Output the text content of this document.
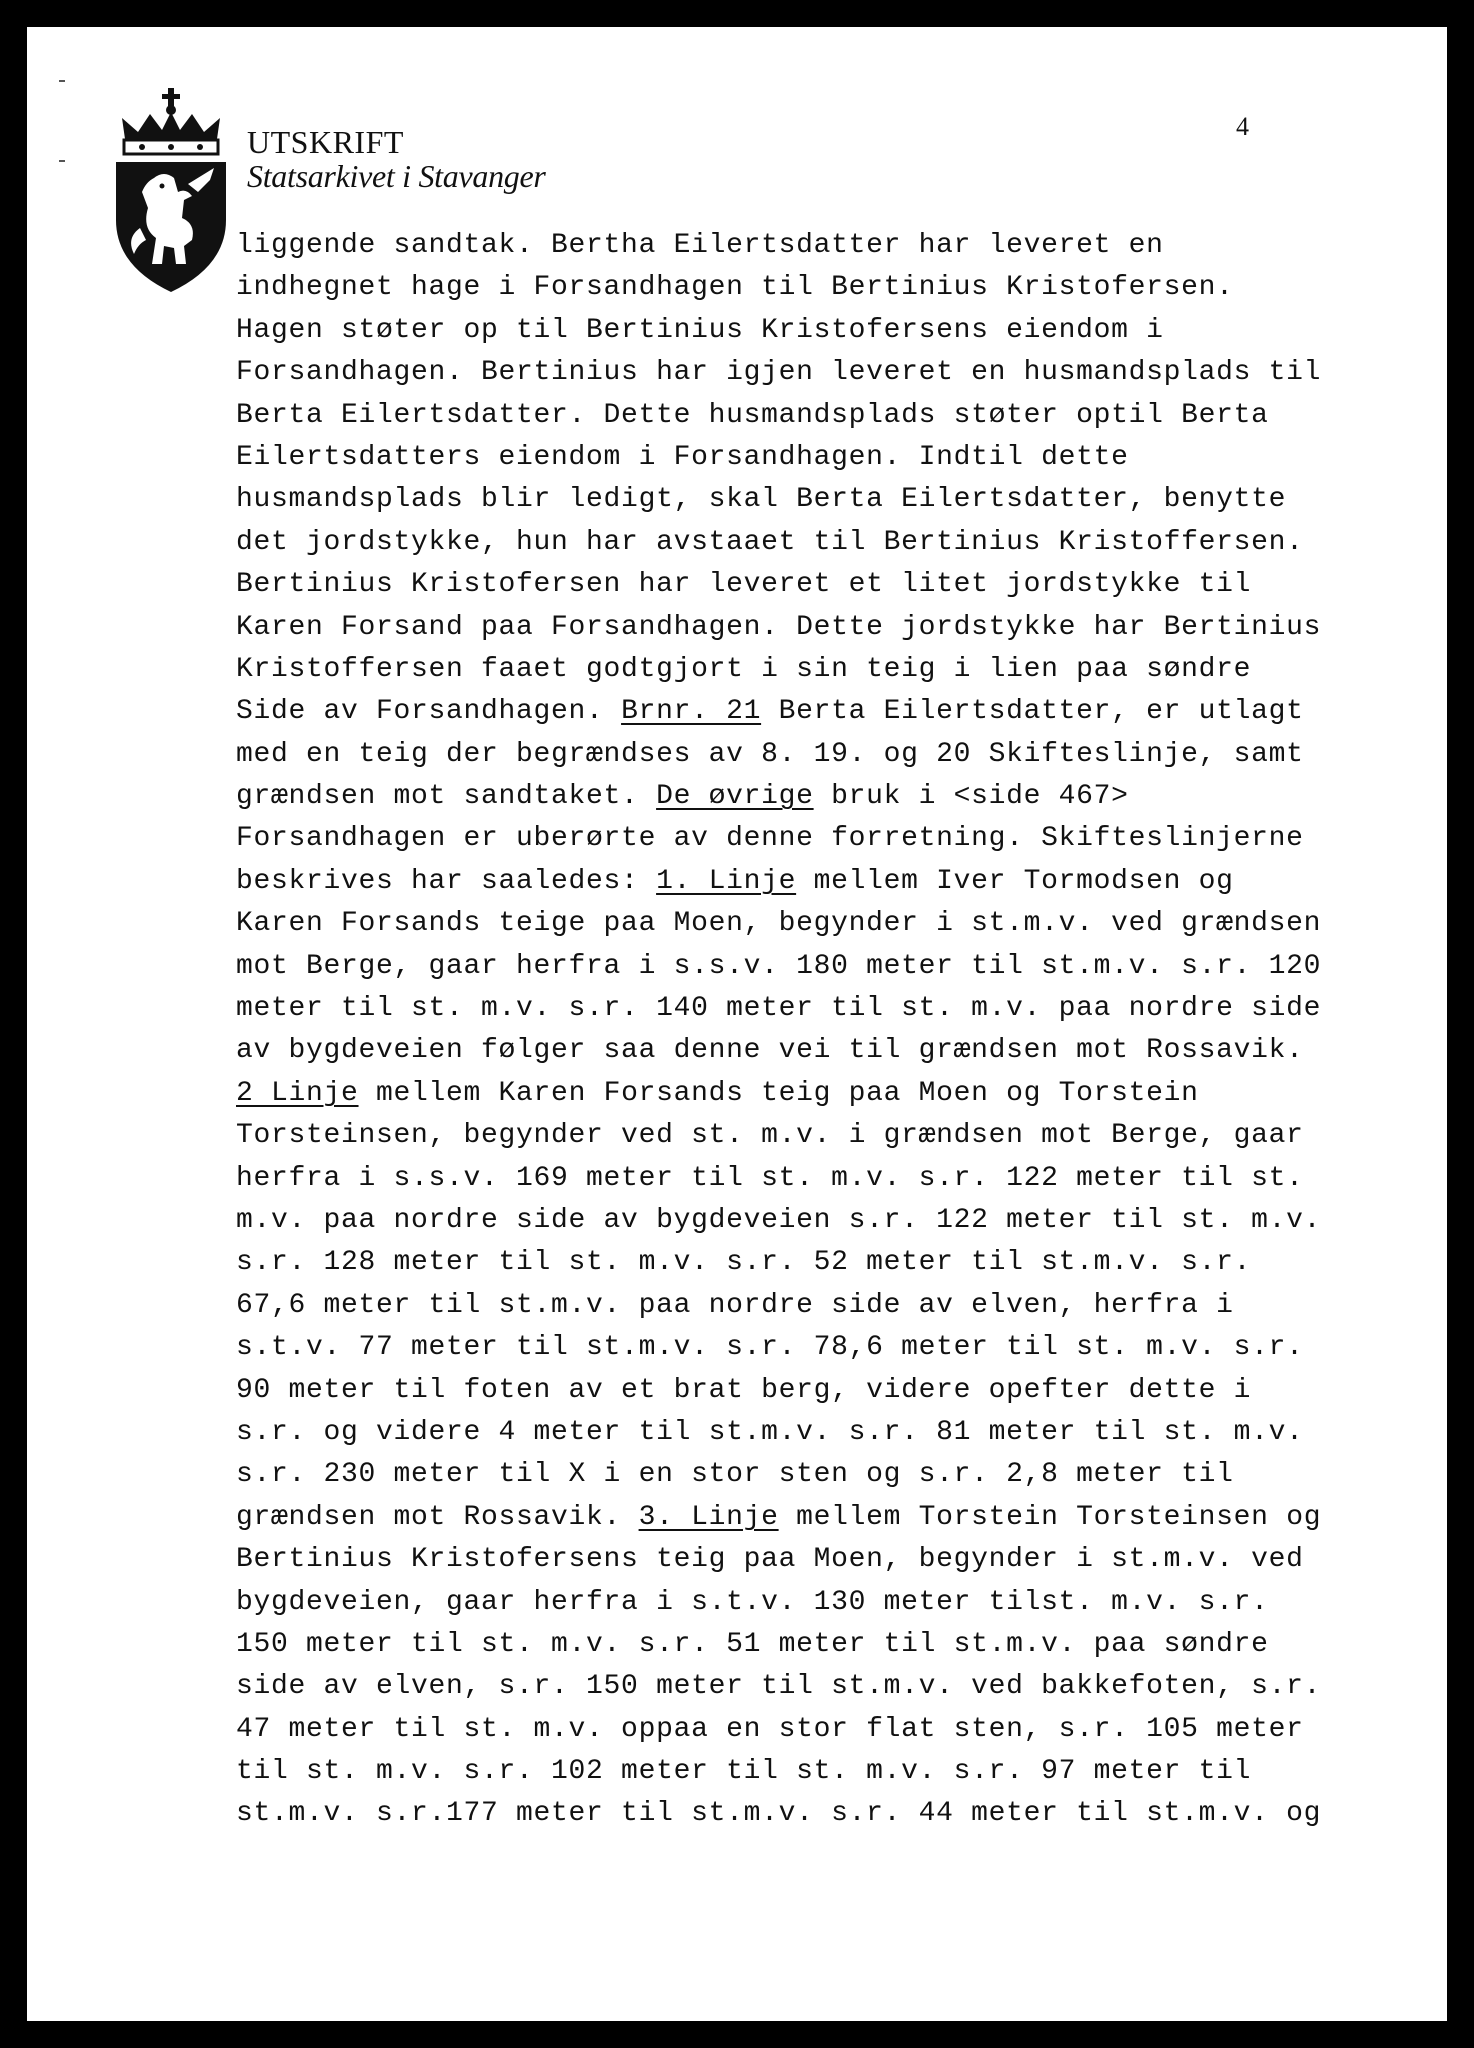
UTSKRIFT
Statsarkivet i Stavanger
4
liggende sandtak. Bertha Eilertsdatter har leveret en
indhegnet hage i Forsandhagen til Bertinius Kristofersen.
Hagen støter op til Bertinius Kristofersens eiendom i
Forsandhagen. Bertinius har igjen leveret en husmandsplads til
Berta Eilertsdatter. Dette husmandsplads støter optil Berta
Eilertsdatters eiendom i Forsandhagen. Indtil dette
husmandsplads blir ledigt, skal Berta Eilertsdatter, benytte
det jordstykke, hun har avstaaet til Bertinius Kristoffersen.
Bertinius Kristofersen har leveret et litet jordstykke til
Karen Forsand paa Forsandhagen. Dette jordstykke har Bertinius
Kristoffersen faaet godtgjort i sin teig i lien paa søndre
Side av Forsandhagen. Brnr. 21 Berta Eilertsdatter, er utlagt
med en teig der begrændses av 8. 19. og 20 Skifteslinje, samt
grændsen mot sandtaket. De øvrige bruk i <side 467>
Forsandhagen er uberørte av denne forretning. Skifteslinjerne
beskrives har saaledes: 1. Linje mellem Iver Tormodsen og
Karen Forsands teige paa Moen, begynder i st.m.v. ved grændsen
mot Berge, gaar herfra i s.s.v. 180 meter til st.m.v. s.r. 120
meter til st. m.v. s.r. 140 meter til st. m.v. paa nordre side
av bygdeveien følger saa denne vei til grændsen mot Rossavik.
2 Linje mellem Karen Forsands teig paa Moen og Torstein
Torsteinsen, begynder ved st. m.v. i grændsen mot Berge, gaar
herfra i s.s.v. 169 meter til st. m.v. s.r. 122 meter til st.
m.v. paa nordre side av bygdeveien s.r. 122 meter til st. m.v.
s.r. 128 meter til st. m.v. s.r. 52 meter til st.m.v. s.r.
67,6 meter til st.m.v. paa nordre side av elven, herfra i
s.t.v. 77 meter til st.m.v. s.r. 78,6 meter til st. m.v. s.r.
90 meter til foten av et brat berg, videre opefter dette i
s.r. og videre 4 meter til st.m.v. s.r. 81 meter til st. m.v.
s.r. 230 meter til X i en stor sten og s.r. 2,8 meter til
grændsen mot Rossavik. 3. Linje mellem Torstein Torsteinsen og
Bertinius Kristofersens teig paa Moen, begynder i st.m.v. ved
bygdeveien, gaar herfra i s.t.v. 130 meter tilst. m.v. s.r.
150 meter til st. m.v. s.r. 51 meter til st.m.v. paa søndre
side av elven, s.r. 150 meter til st.m.v. ved bakkefoten, s.r.
47 meter til st. m.v. oppaa en stor flat sten, s.r. 105 meter
til st. m.v. s.r. 102 meter til st. m.v. s.r. 97 meter til
st.m.v. s.r.177 meter til st.m.v. s.r. 44 meter til st.m.v. og
